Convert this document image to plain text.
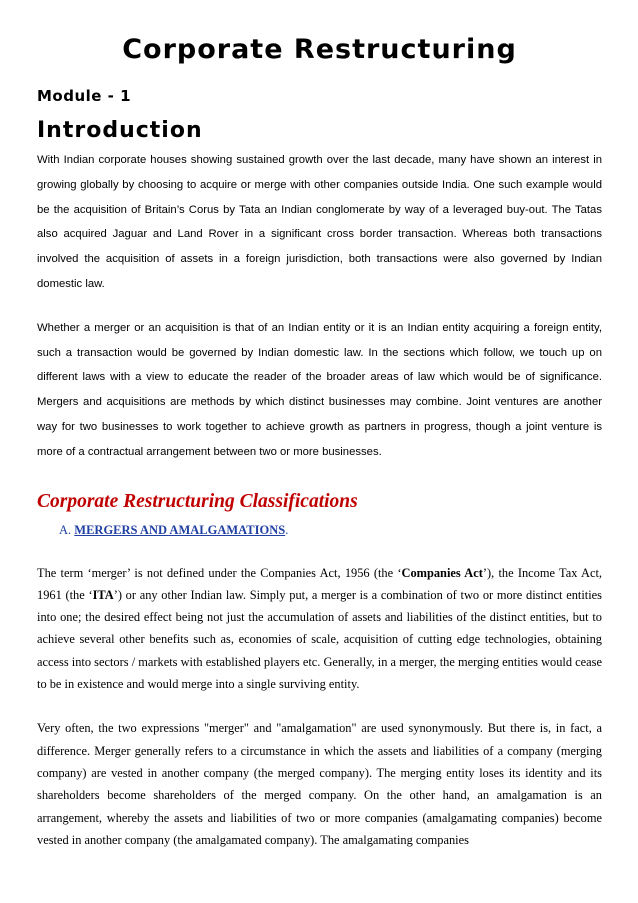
Corporate Restructuring
Module - 1
Introduction

With Indian corporate houses showing sustained growth over the last decade, many have shown an interest in growing globally by choosing to acquire or merge with other companies outside India. One such example would be the acquisition of Britain’s Corus by Tata an Indian conglomerate by way of a leveraged buy-out. The Tatas also acquired Jaguar and Land Rover in a significant cross border transaction. Whereas both transactions involved the acquisition of assets in a foreign jurisdiction, both transactions were also governed by Indian domestic law.

Whether a merger or an acquisition is that of an Indian entity or it is an Indian entity acquiring a foreign entity, such a transaction would be governed by Indian domestic law. In the sections which follow, we touch up on different laws with a view to educate the reader of the broader areas of law which would be of significance. Mergers and acquisitions are methods by which distinct businesses may combine. Joint ventures are another way for two businesses to work together to achieve growth as partners in progress, though a joint venture is more of a contractual arrangement between two or more businesses.

Corporate Restructuring Classifications
A. MERGERS AND AMALGAMATIONS.

The term ‘merger’ is not defined under the Companies Act, 1956 (the ‘Companies Act’), the Income Tax Act, 1961 (the ‘ITA’) or any other Indian law. Simply put, a merger is a combination of two or more distinct entities into one; the desired effect being not just the accumulation of assets and liabilities of the distinct entities, but to achieve several other benefits such as, economies of scale, acquisition of cutting edge technologies, obtaining access into sectors / markets with established players etc. Generally, in a merger, the merging entities would cease to be in existence and would merge into a single surviving entity.

Very often, the two expressions "merger" and "amalgamation" are used synonymously. But there is, in fact, a difference. Merger generally refers to a circumstance in which the assets and liabilities of a company (merging company) are vested in another company (the merged company). The merging entity loses its identity and its shareholders become shareholders of the merged company. On the other hand, an amalgamation is an arrangement, whereby the assets and liabilities of two or more companies (amalgamating companies) become vested in another company (the amalgamated company). The amalgamating companies
